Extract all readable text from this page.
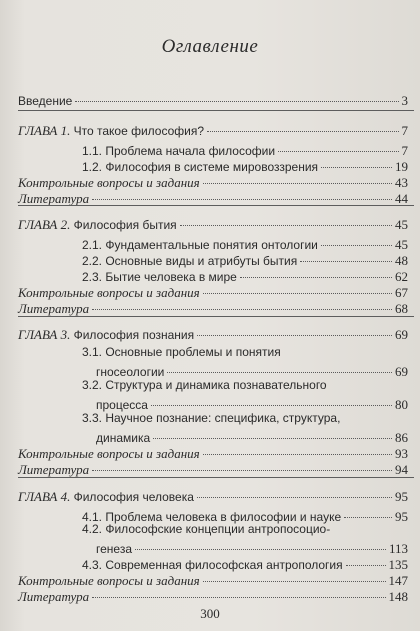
Оглавление
Введение	3
ГЛАВА 1. Что такое философия?	7
1.1. Проблема начала философии	7
1.2. Философия в системе мировоззрения	19
Контрольные вопросы и задания	43
Литература	44
ГЛАВА 2. Философия бытия	45
2.1. Фундаментальные понятия онтологии	45
2.2. Основные виды и атрибуты бытия	48
2.3. Бытие человека в мире	62
Контрольные вопросы и задания	67
Литература	68
ГЛАВА 3. Философия познания	69
3.1. Основные проблемы и понятия
гносеологии	69
3.2. Структура и динамика познавательного
процесса	80
3.3. Научное познание: специфика, структура,
динамика	86
Контрольные вопросы и задания	93
Литература	94
ГЛАВА 4. Философия человека	95
4.1. Проблема человека в философии и науке	95
4.2. Философские концепции антропосоцио-
генеза	113
4.3. Современная философская антропология	135
Контрольные вопросы и задания	147
Литература	148
300
